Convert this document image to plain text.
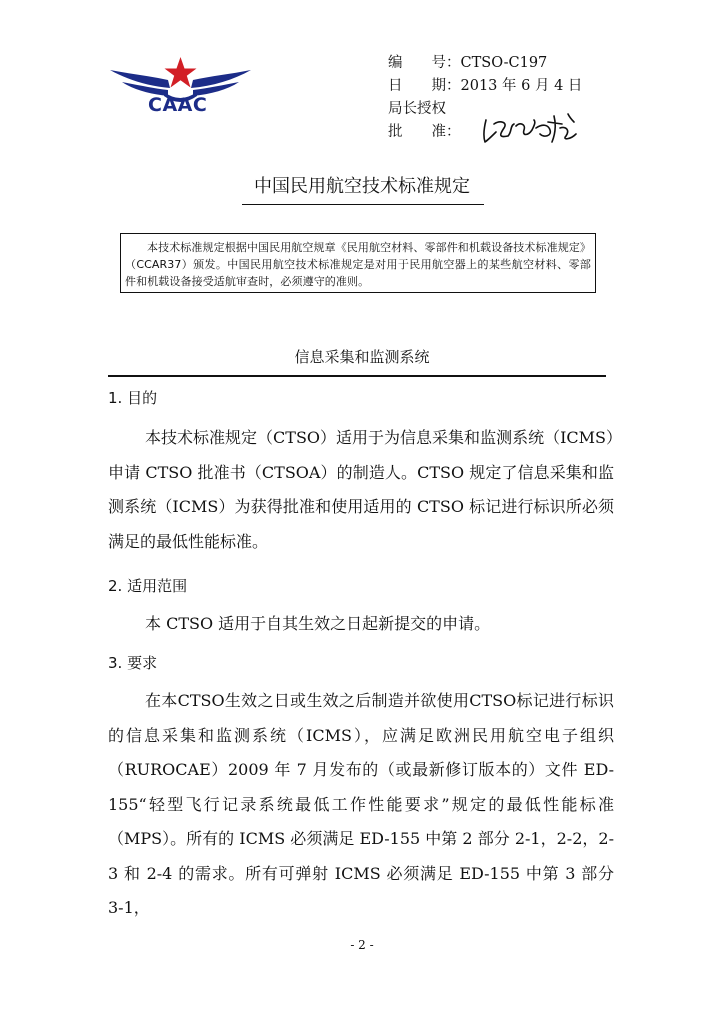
CAAC
编　　号：CTSO-C197
日　　期：2013 年 6 月 4 日
局长授权
批　　准：
中国民用航空技术标准规定
本技术标准规定根据中国民用航空规章《民用航空材料、零部件和机载设备技术标准规定》（CCAR37）颁发。中国民用航空技术标准规定是对用于民用航空器上的某些航空材料、零部件和机载设备接受适航审查时，必须遵守的准则。
信息采集和监测系统
1. 目的
本技术标准规定（CTSO）适用于为信息采集和监测系统（ICMS）申请 CTSO 批准书（CTSOA）的制造人。CTSO 规定了信息采集和监测系统（ICMS）为获得批准和使用适用的 CTSO 标记进行标识所必须满足的最低性能标准。
2. 适用范围
本 CTSO 适用于自其生效之日起新提交的申请。
3. 要求
在本CTSO生效之日或生效之后制造并欲使用CTSO标记进行标识的信息采集和监测系统（ICMS），应满足欧洲民用航空电子组织（RUROCAE）2009 年 7 月发布的（或最新修订版本的）文件 ED-155“轻型飞行记录系统最低工作性能要求”规定的最低性能标准（MPS）。所有的 ICMS 必须满足 ED-155 中第 2 部分 2-1，2-2，2-3 和 2-4 的需求。所有可弹射 ICMS 必须满足 ED-155 中第 3 部分 3-1，
- 2 -
